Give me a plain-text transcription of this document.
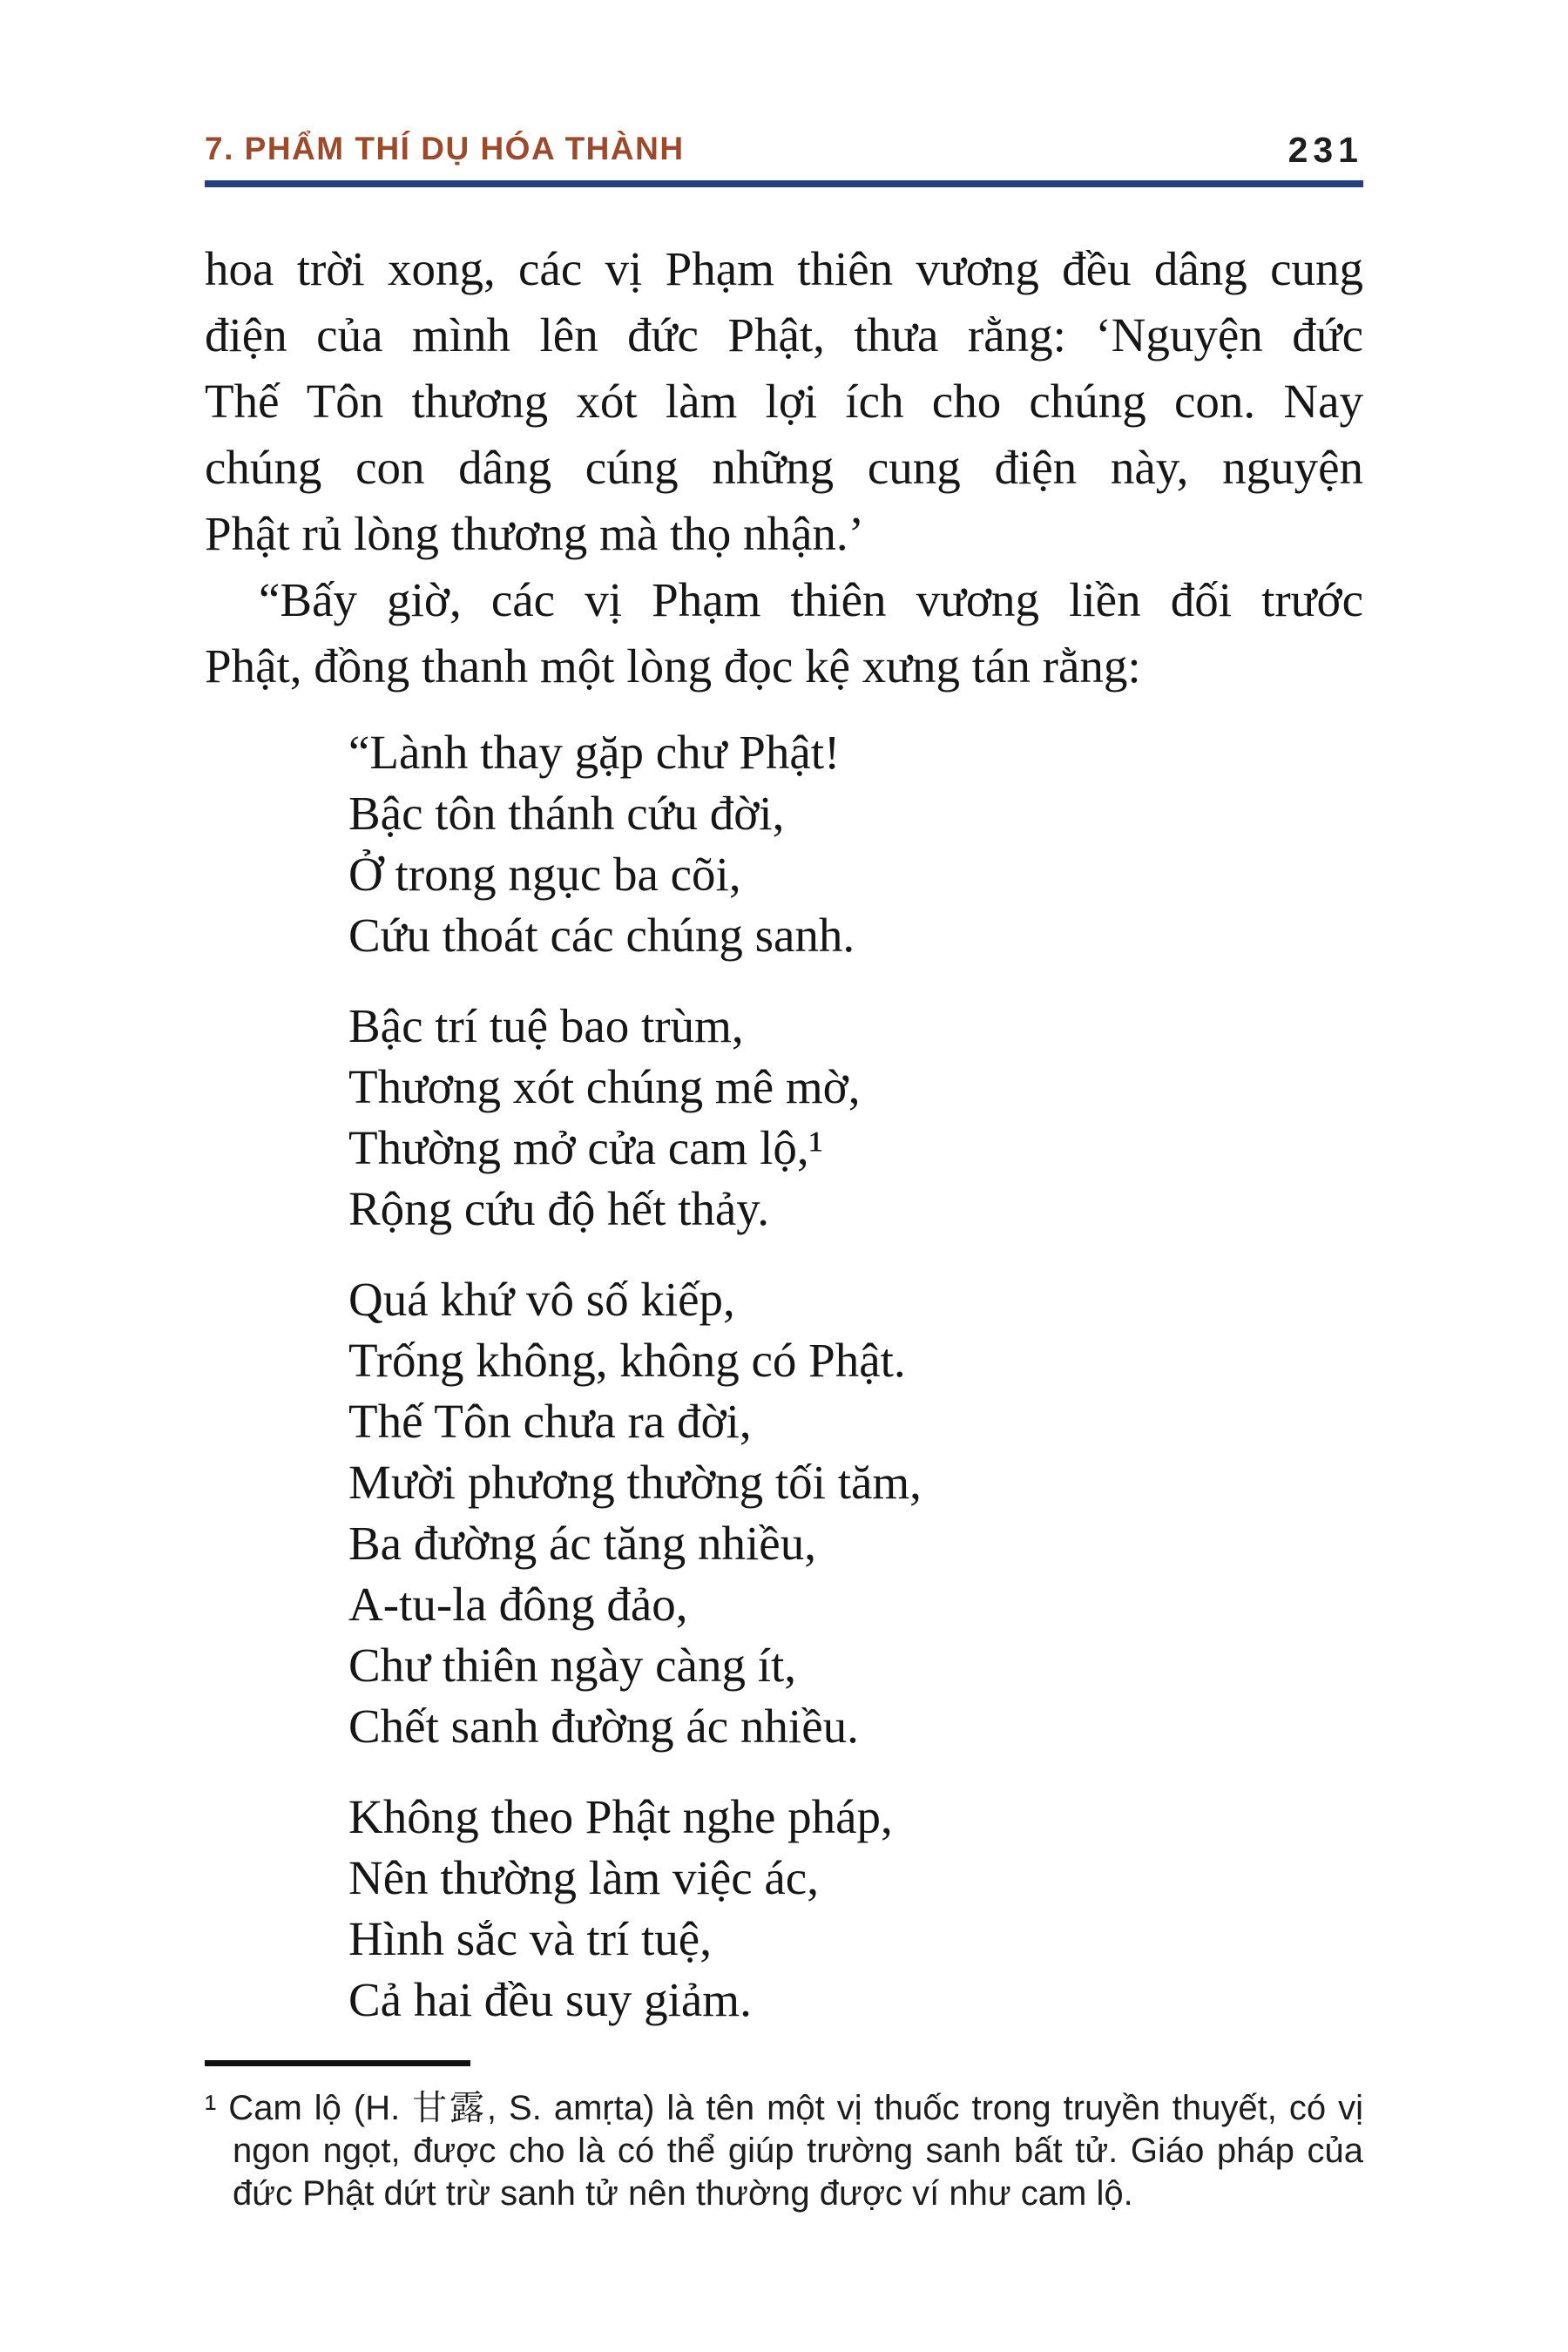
7. PHẨM THÍ DỤ HÓA THÀNH	231
hoa trời xong, các vị Phạm thiên vương đều dâng cung
điện của mình lên đức Phật, thưa rằng: ‘Nguyện đức
Thế Tôn thương xót làm lợi ích cho chúng con. Nay
chúng con dâng cúng những cung điện này, nguyện
Phật rủ lòng thương mà thọ nhận.’
“Bấy giờ, các vị Phạm thiên vương liền đối trước
Phật, đồng thanh một lòng đọc kệ xưng tán rằng:
“Lành thay gặp chư Phật!
Bậc tôn thánh cứu đời,
Ở trong ngục ba cõi,
Cứu thoát các chúng sanh.
Bậc trí tuệ bao trùm,
Thương xót chúng mê mờ,
Thường mở cửa cam lộ,¹
Rộng cứu độ hết thảy.
Quá khứ vô số kiếp,
Trống không, không có Phật.
Thế Tôn chưa ra đời,
Mười phương thường tối tăm,
Ba đường ác tăng nhiều,
A-tu-la đông đảo,
Chư thiên ngày càng ít,
Chết sanh đường ác nhiều.
Không theo Phật nghe pháp,
Nên thường làm việc ác,
Hình sắc và trí tuệ,
Cả hai đều suy giảm.
¹ Cam lộ (H. 甘露, S. amṛta) là tên một vị thuốc trong truyền thuyết, có vị ngon ngọt, được cho là có thể giúp trường sanh bất tử. Giáo pháp của đức Phật dứt trừ sanh tử nên thường được ví như cam lộ.
